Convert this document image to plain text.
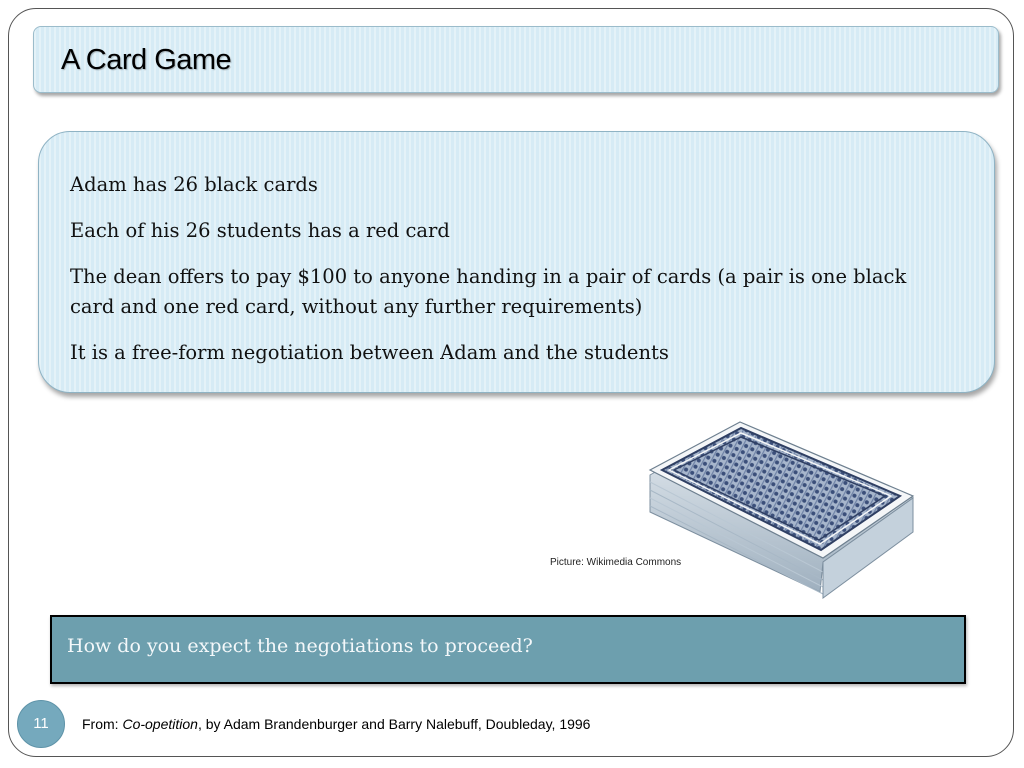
A Card Game
Adam has 26 black cards
Each of his 26 students has a red card
The dean offers to pay $100 to anyone handing in a pair of cards (a pair is one black card and one red card, without any further requirements)
It is a free-form negotiation between Adam and the students
Picture: Wikimedia Commons
How do you expect the negotiations to proceed?
11	From: Co-opetition, by Adam Brandenburger and Barry Nalebuff, Doubleday, 1996
